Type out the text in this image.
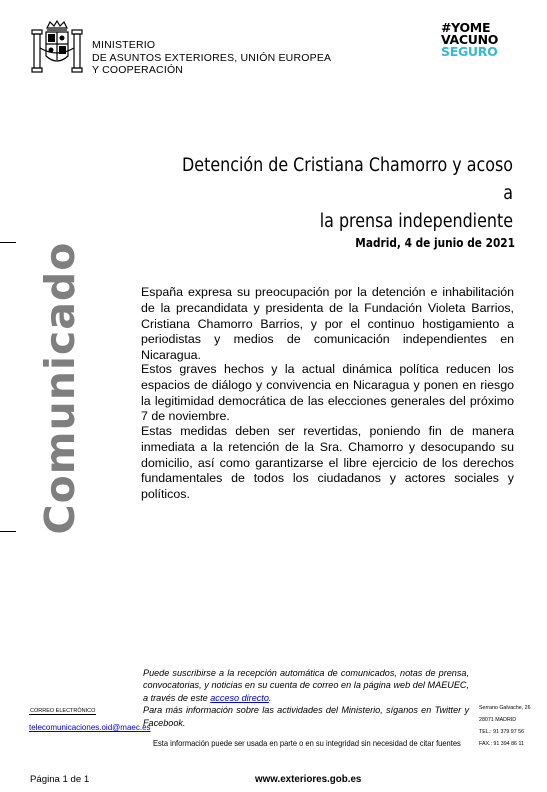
MINISTERIO
DE ASUNTOS EXTERIORES, UNIÓN EUROPEA
Y COOPERACIÓN
#YOME
VACUNO
SEGURO
Detención de Cristiana Chamorro y acoso a
la prensa independiente
Madrid, 4 de junio de 2021
Comunicado	España expresa su preocupación por la detención e inhabilitación de la precandidata y presidenta de la Fundación Violeta Barrios, Cristiana Chamorro Barrios, y por el continuo hostigamiento a periodistas y medios de comunicación independientes en Nicaragua.
Estos graves hechos y la actual dinámica política reducen los espacios de diálogo y convivencia en Nicaragua y ponen en riesgo la legitimidad democrática de las elecciones generales del próximo 7 de noviembre.
Estas medidas deben ser revertidas, poniendo fin de manera inmediata a la retención de la Sra. Chamorro y desocupando su domicilio, así como garantizarse el libre ejercicio de los derechos fundamentales de todos los ciudadanos y actores sociales y políticos.
Puede suscribirse a la recepción automática de comunicados, notas de prensa, convocatorias, y noticias en su cuenta de correo en la página web del MAEUEC, a través de este acceso directo.
Para más información sobre las actividades del Ministerio, síganos en Twitter y Facebook.
CORREO ELECTRÓNICO
telecomunicaciones.oid@maec.es
Serrano Galvache, 26
28071 MADRID
TEL.: 91 379 97 56
FAX.: 91 394 86 11
Esta información puede ser usada en parte o en su integridad sin necesidad de citar fuentes
Página 1 de 1	www.exteriores.gob.es
